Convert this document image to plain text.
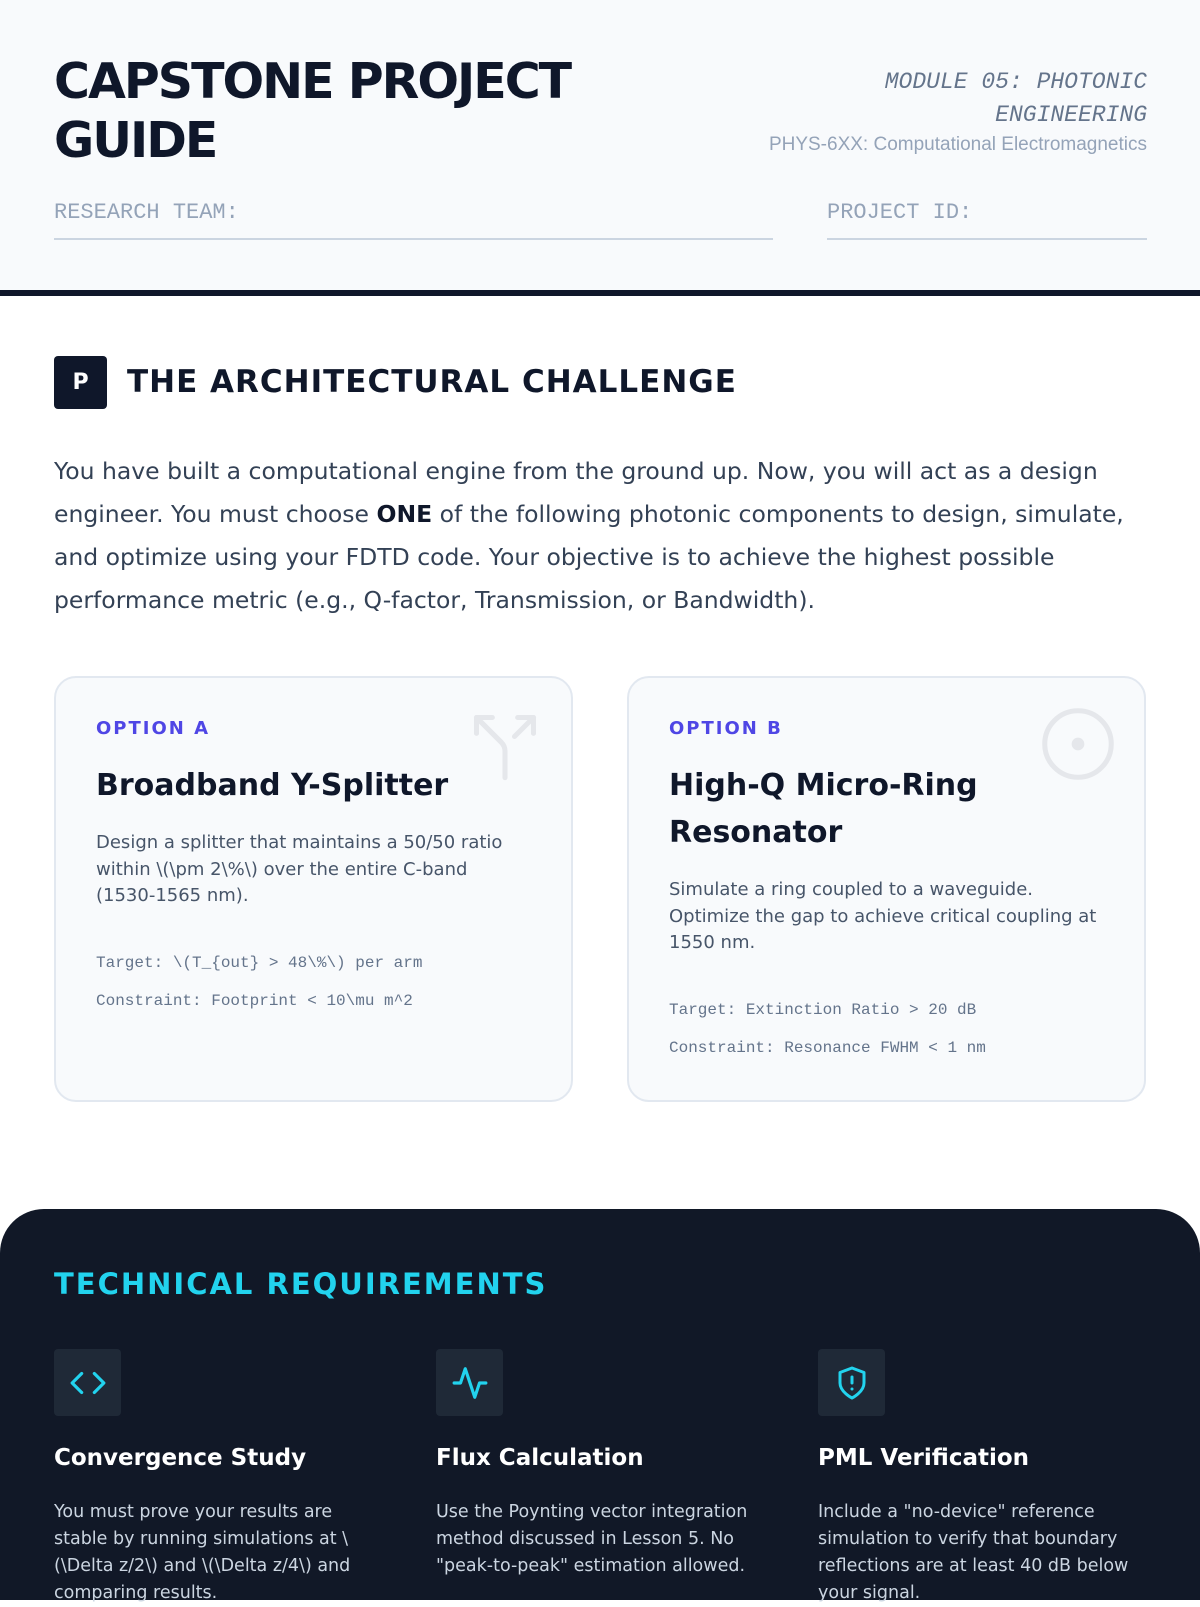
CAPSTONE PROJECT GUIDE
MODULE 05: PHOTONIC ENGINEERING
PHYS-6XX: Computational Electromagnetics
RESEARCH TEAM:	PROJECT ID:
P	THE ARCHITECTURAL CHALLENGE

You have built a computational engine from the ground up. Now, you will act as a design engineer. You must choose ONE of the following photonic components to design, simulate, and optimize using your FDTD code. Your objective is to achieve the highest possible performance metric (e.g., Q-factor, Transmission, or Bandwidth).

OPTION A
Broadband Y-Splitter

Design a splitter that maintains a 50/50 ratio within \(\pm 2\%\) over the entire C-band (1530-1565 nm).

Target: \(T_{out} > 48\%\) per arm
Constraint: Footprint < 10\mu m^2
OPTION B
High-Q Micro-Ring Resonator

Simulate a ring coupled to a waveguide. Optimize the gap to achieve critical coupling at 1550 nm.

Target: Extinction Ratio > 20 dB
Constraint: Resonance FWHM < 1 nm
TECHNICAL REQUIREMENTS
Convergence Study

You must prove your results are stable by running simulations at \(\Delta z/2\) and \(\Delta z/4\) and comparing results.

Flux Calculation

Use the Poynting vector integration method discussed in Lesson 5. No "peak-to-peak" estimation allowed.

PML Verification

Include a "no-device" reference simulation to verify that boundary reflections are at least 40 dB below your signal.
